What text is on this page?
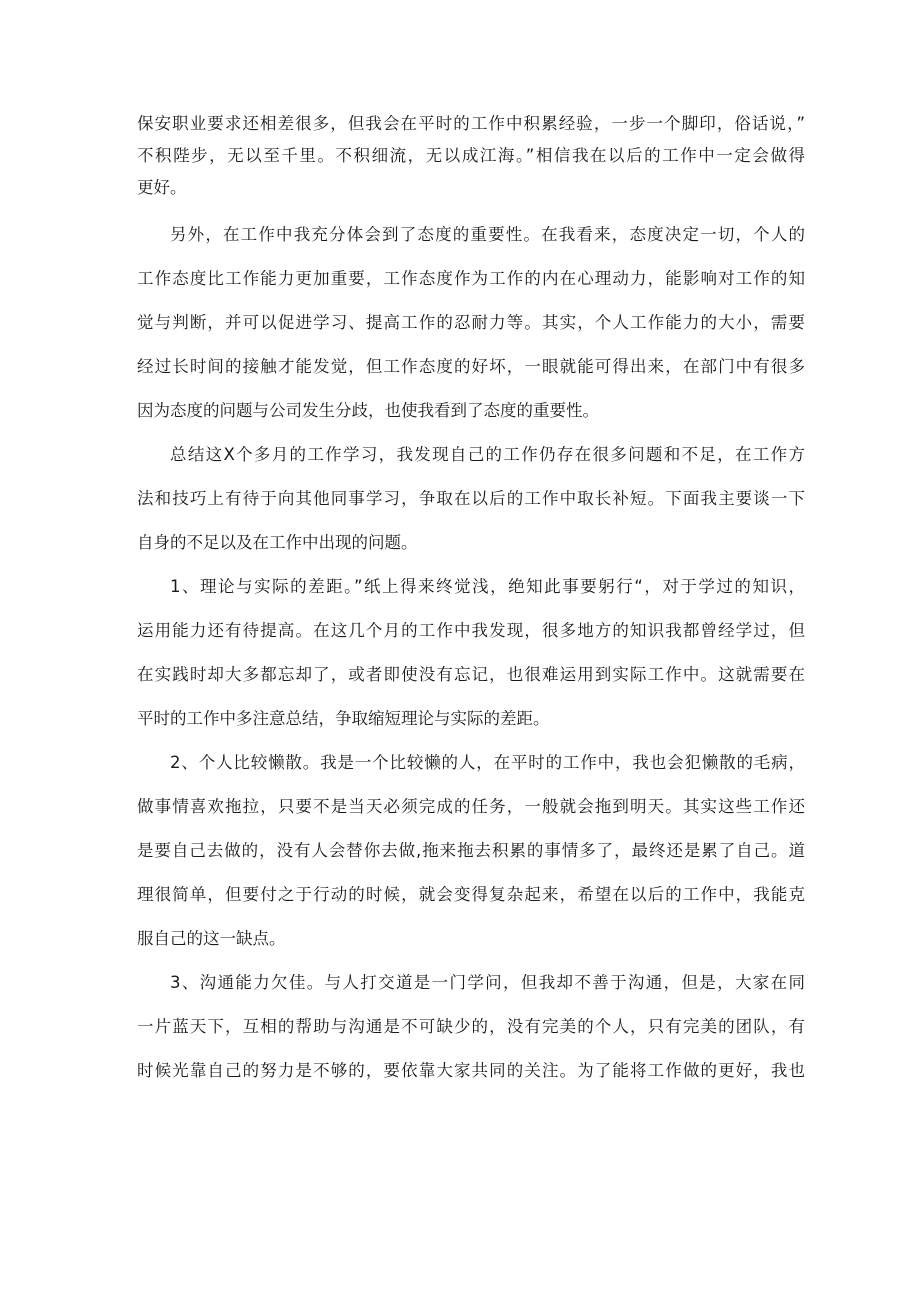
保安职业要求还相差很多，但我会在平时的工作中积累经验，一步一个脚印，俗话说，”
不积陛步，无以至千里。不积细流，无以成江海。”相信我在以后的工作中一定会做得
更好。
另外，在工作中我充分体会到了态度的重要性。在我看来，态度决定一切，个人的
工作态度比工作能力更加重要，工作态度作为工作的内在心理动力，能影响对工作的知
觉与判断，并可以促进学习、提高工作的忍耐力等。其实，个人工作能力的大小，需要
经过长时间的接触才能发觉，但工作态度的好坏，一眼就能可得出来，在部门中有很多
因为态度的问题与公司发生分歧，也使我看到了态度的重要性。
总结这X个多月的工作学习，我发现自己的工作仍存在很多问题和不足，在工作方
法和技巧上有待于向其他同事学习，争取在以后的工作中取长补短。下面我主要谈一下
自身的不足以及在工作中出现的问题。
1、理论与实际的差距。”纸上得来终觉浅，绝知此事要躬行“，对于学过的知识，
运用能力还有待提高。在这几个月的工作中我发现，很多地方的知识我都曾经学过，但
在实践时却大多都忘却了，或者即使没有忘记，也很难运用到实际工作中。这就需要在
平时的工作中多注意总结，争取缩短理论与实际的差距。
2、个人比较懒散。我是一个比较懒的人，在平时的工作中，我也会犯懒散的毛病，
做事情喜欢拖拉，只要不是当天必须完成的任务，一般就会拖到明天。其实这些工作还
是要自己去做的，没有人会替你去做,拖来拖去积累的事情多了，最终还是累了自己。道
理很简单，但要付之于行动的时候，就会变得复杂起来，希望在以后的工作中，我能克
服自己的这一缺点。
3、沟通能力欠佳。与人打交道是一门学问，但我却不善于沟通，但是，大家在同
一片蓝天下，互相的帮助与沟通是不可缺少的，没有完美的个人，只有完美的团队，有
时候光靠自己的努力是不够的，要依靠大家共同的关注。为了能将工作做的更好，我也
